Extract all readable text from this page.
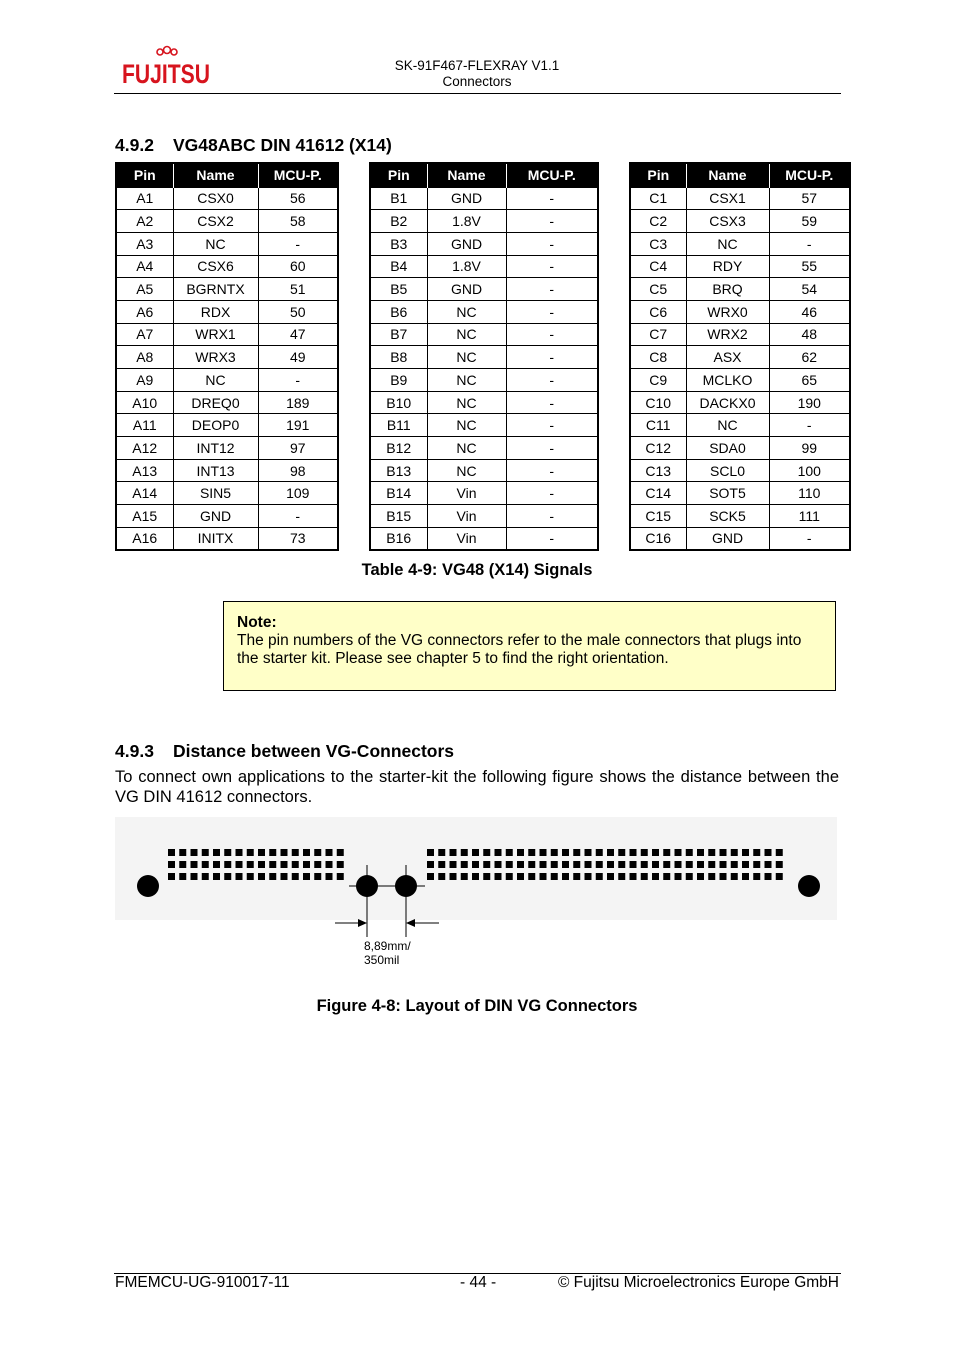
FUJITSU	SK-91F467-FLEXRAY V1.1
Connectors
4.9.2 VG48ABC DIN 41612 (X14)
Pin	Name	MCU-P.
A1	CSX0	56
A2	CSX2	58
A3	NC	-
A4	CSX6	60
A5	BGRNTX	51
A6	RDX	50
A7	WRX1	47
A8	WRX3	49
A9	NC	-
A10	DREQ0	189
A11	DEOP0	191
A12	INT12	97
A13	INT13	98
A14	SIN5	109
A15	GND	-
A16	INITX	73
Pin	Name	MCU-P.
B1	GND	-
B2	1.8V	-
B3	GND	-
B4	1.8V	-
B5	GND	-
B6	NC	-
B7	NC	-
B8	NC	-
B9	NC	-
B10	NC	-
B11	NC	-
B12	NC	-
B13	NC	-
B14	Vin	-
B15	Vin	-
B16	Vin	-
Pin	Name	MCU-P.
C1	CSX1	57
C2	CSX3	59
C3	NC	-
C4	RDY	55
C5	BRQ	54
C6	WRX0	46
C7	WRX2	48
C8	ASX	62
C9	MCLKO	65
C10	DACKX0	190
C11	NC	-
C12	SDA0	99
C13	SCL0	100
C14	SOT5	110
C15	SCK5	111
C16	GND	-
Table 4-9: VG48 (X14) Signals
Note:
The pin numbers of the VG connectors refer to the male connectors that plugs into the starter kit. Please see chapter 5 to find the right orientation.
4.9.3 Distance between VG-Connectors
To connect own applications to the starter-kit the following figure shows the distance between the VG DIN 41612 connectors.
8,89mm/
350mil
Figure 4-8: Layout of DIN VG Connectors
FMEMCU-UG-910017-11	- 44 -	© Fujitsu Microelectronics Europe GmbH
